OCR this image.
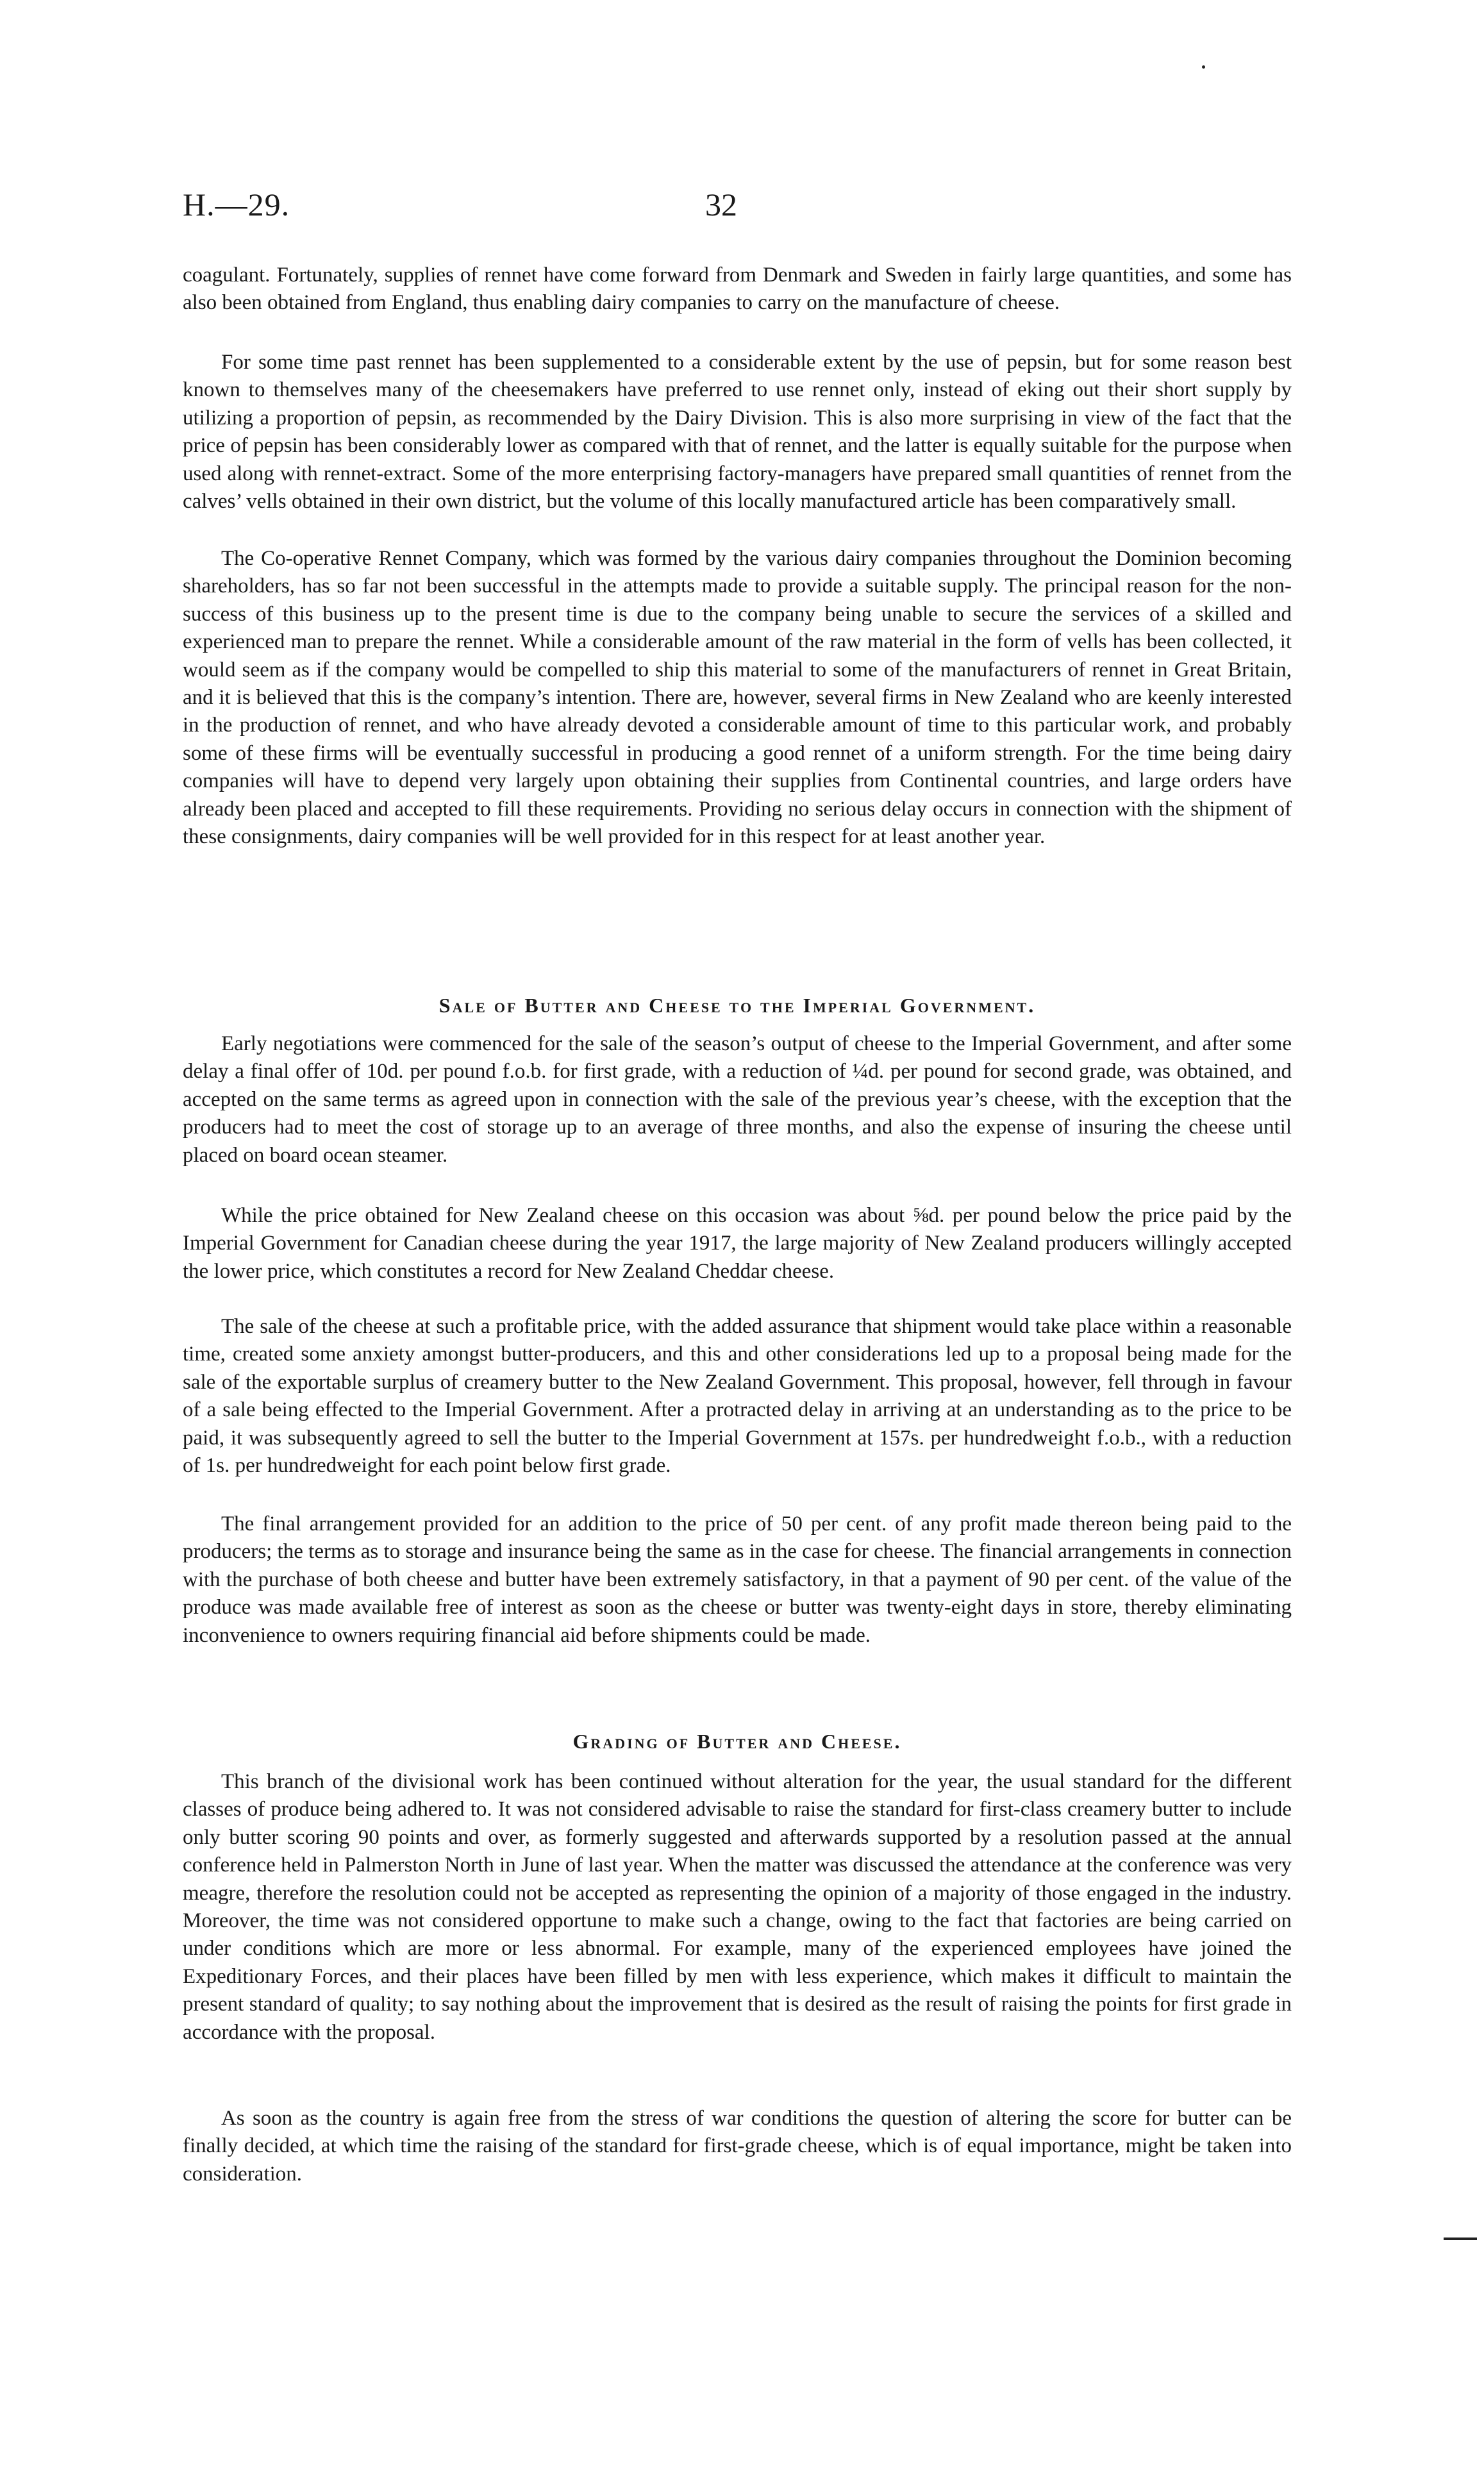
H.—29.	32

coagulant. Fortunately, supplies of rennet have come forward from Denmark and Sweden in fairly large quantities, and some has also been obtained from England, thus enabling dairy companies to carry on the manufacture of cheese.

For some time past rennet has been supplemented to a considerable extent by the use of pepsin, but for some reason best known to themselves many of the cheesemakers have preferred to use rennet only, instead of eking out their short supply by utilizing a proportion of pepsin, as recommended by the Dairy Division. This is also more surprising in view of the fact that the price of pepsin has been considerably lower as compared with that of rennet, and the latter is equally suitable for the purpose when used along with rennet-extract. Some of the more enterprising factory-managers have prepared small quantities of rennet from the calves’ vells obtained in their own district, but the volume of this locally manufactured article has been comparatively small.

The Co-operative Rennet Company, which was formed by the various dairy companies throughout the Dominion becoming shareholders, has so far not been successful in the attempts made to provide a suitable supply. The principal reason for the non-success of this business up to the present time is due to the company being unable to secure the services of a skilled and experienced man to prepare the rennet. While a considerable amount of the raw material in the form of vells has been collected, it would seem as if the company would be compelled to ship this material to some of the manufacturers of rennet in Great Britain, and it is believed that this is the company’s intention. There are, however, several firms in New Zealand who are keenly interested in the production of rennet, and who have already devoted a considerable amount of time to this particular work, and probably some of these firms will be eventually successful in producing a good rennet of a uniform strength. For the time being dairy companies will have to depend very largely upon obtaining their supplies from Continental countries, and large orders have already been placed and accepted to fill these requirements. Providing no serious delay occurs in connection with the shipment of these consignments, dairy companies will be well provided for in this respect for at least another year.

Sale of Butter and Cheese to the Imperial Government.

Early negotiations were commenced for the sale of the season’s output of cheese to the Imperial Government, and after some delay a final offer of 10d. per pound f.o.b. for first grade, with a reduction of ¼d. per pound for second grade, was obtained, and accepted on the same terms as agreed upon in connection with the sale of the previous year’s cheese, with the exception that the producers had to meet the cost of storage up to an average of three months, and also the expense of insuring the cheese until placed on board ocean steamer.

While the price obtained for New Zealand cheese on this occasion was about ⅝d. per pound below the price paid by the Imperial Government for Canadian cheese during the year 1917, the large majority of New Zealand producers willingly accepted the lower price, which constitutes a record for New Zealand Cheddar cheese.

The sale of the cheese at such a profitable price, with the added assurance that shipment would take place within a reasonable time, created some anxiety amongst butter-producers, and this and other considerations led up to a proposal being made for the sale of the exportable surplus of creamery butter to the New Zealand Government. This proposal, however, fell through in favour of a sale being effected to the Imperial Government. After a protracted delay in arriving at an understanding as to the price to be paid, it was subsequently agreed to sell the butter to the Imperial Government at 157s. per hundredweight f.o.b., with a reduction of 1s. per hundredweight for each point below first grade.

The final arrangement provided for an addition to the price of 50 per cent. of any profit made thereon being paid to the producers; the terms as to storage and insurance being the same as in the case for cheese. The financial arrangements in connection with the purchase of both cheese and butter have been extremely satisfactory, in that a payment of 90 per cent. of the value of the produce was made available free of interest as soon as the cheese or butter was twenty-eight days in store, thereby eliminating inconvenience to owners requiring financial aid before shipments could be made.

Grading of Butter and Cheese.

This branch of the divisional work has been continued without alteration for the year, the usual standard for the different classes of produce being adhered to. It was not considered advisable to raise the standard for first-class creamery butter to include only butter scoring 90 points and over, as formerly suggested and afterwards supported by a resolution passed at the annual conference held in Palmerston North in June of last year. When the matter was discussed the attendance at the conference was very meagre, therefore the resolution could not be accepted as representing the opinion of a majority of those engaged in the industry. Moreover, the time was not considered opportune to make such a change, owing to the fact that factories are being carried on under conditions which are more or less abnormal. For example, many of the experienced employees have joined the Expeditionary Forces, and their places have been filled by men with less experience, which makes it difficult to maintain the present standard of quality; to say nothing about the improvement that is desired as the result of raising the points for first grade in accordance with the proposal.

As soon as the country is again free from the stress of war conditions the question of altering the score for butter can be finally decided, at which time the raising of the standard for first-grade cheese, which is of equal importance, might be taken into consideration.
